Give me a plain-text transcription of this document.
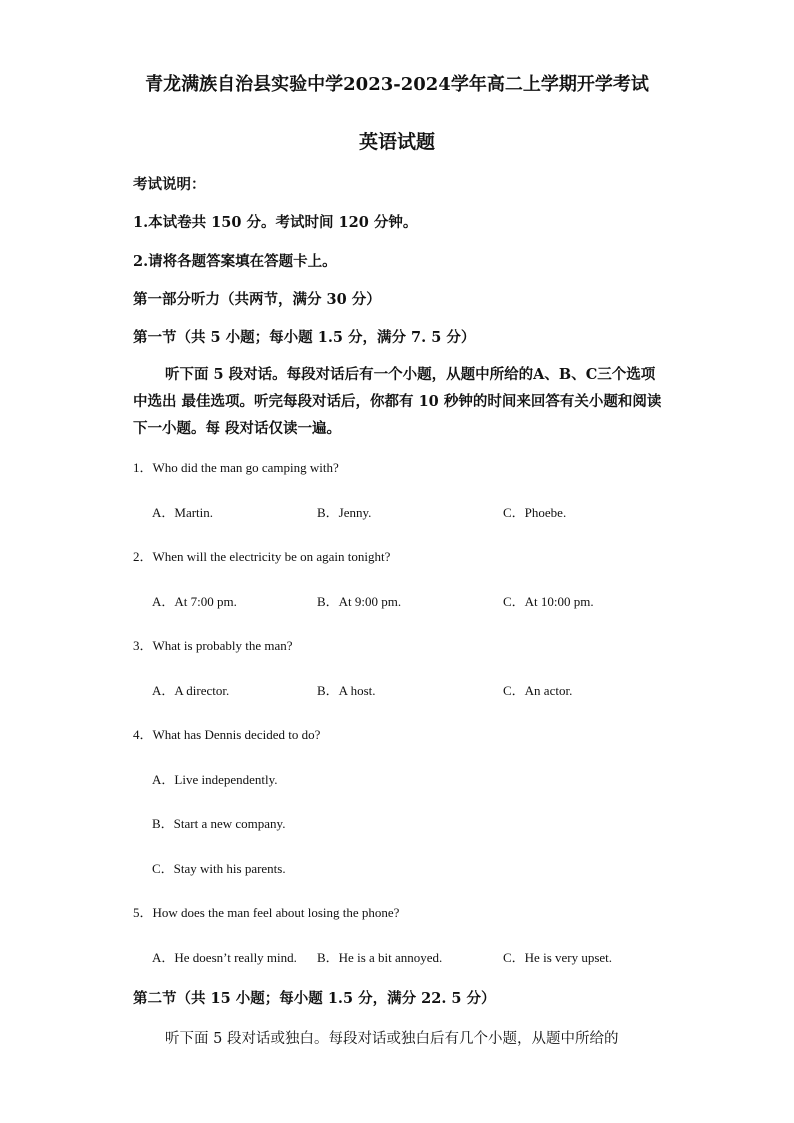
青龙满族自治县实验中学2023-2024学年高二上学期开学考试
英语试题
考试说明：
1.本试卷共 150 分。考试时间 120 分钟。
2.请将各题答案填在答题卡上。
第一部分听力（共两节，满分 30 分）
第一节（共 5 小题；每小题 1.5 分，满分 7. 5 分）
听下面 5 段对话。每段对话后有一个小题，从题中所给的A、B、C三个选项中选出 最佳选项。听完每段对话后，你都有 10 秒钟的时间来回答有关小题和阅读下一小题。每 段对话仅读一遍。
1．Who did the man go camping with?
A．Martin.	B．Jenny.	C．Phoebe.
2．When will the electricity be on again tonight?
A．At 7:00 pm.	B．At 9:00 pm.	C．At 10:00 pm.
3．What is probably the man?
A．A director.	B．A host.	C．An actor.
4．What has Dennis decided to do?
A．Live independently.
B．Start a new company.
C．Stay with his parents.
5．How does the man feel about losing the phone?
A．He doesn’t really mind. B．He is a bit annoyed.	C．He is very upset.
第二节（共 15 小题；每小题 1.5 分，满分 22. 5 分）
听下面 5 段对话或独白。每段对话或独白后有几个小题，从题中所给的
